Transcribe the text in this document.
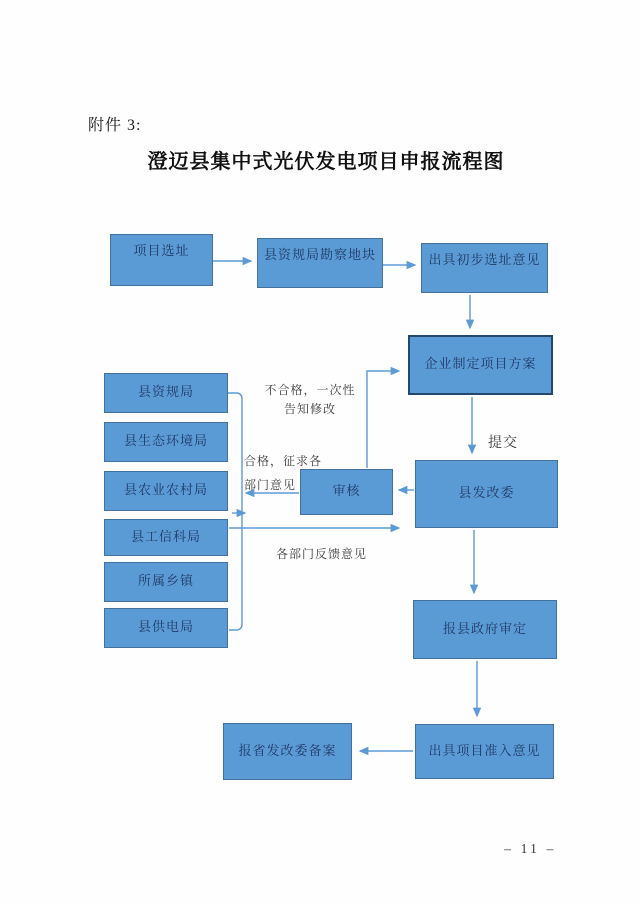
附件 3:
澄迈县集中式光伏发电项目申报流程图
项目选址	县资规局勘察地块	出具初步选址意见
企业制定项目方案
县发改委
审核
县资规局
县生态环境局
县农业农村局
县工信科局
所属乡镇
县供电局	报县政府审定
出具项目准入意见
报省发改委备案
提交
不合格，一次性
告知修改
合格，征求各
部门意见
各部门反馈意见
– 11 –
